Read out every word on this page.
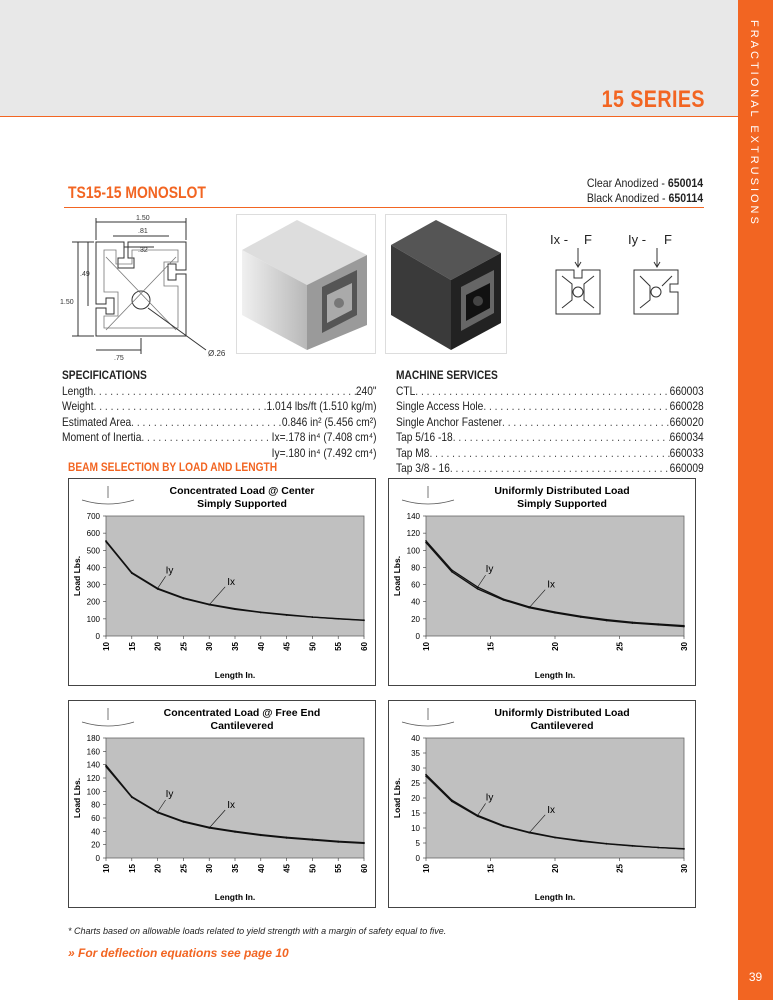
15 SERIES	FRACTIONAL EXTRUSIONS
39
TS15-15 MONOSLOT	Clear Anodized - 650014
Black Anodized - 650114
1.50
.81
.32
.49
1.50
.75
Ø.26
Ix - F	Iy - F
SPECIFICATIONS
Length . . .	240"
Weight . . .	1.014 lbs/ft (1.510 kg/m)
Estimated Area . . .	0.846 in² (5.456 cm²)
Moment of Inertia . . .	Ix=.178 in⁴ (7.408 cm⁴)
Iy=.180 in⁴ (7.492 cm⁴)
MACHINE SERVICES
CTL . . .	660003
Single Access Hole . . .	660028
Single Anchor Fastener . . .	660020
Tap 5/16 -18 . . .	660034
Tap M8 . . .	660033
Tap 3/8 - 16 . . .	660009
BEAM SELECTION BY LOAD AND LENGTH
Concentrated Load @ Center
Simply Supported
0
100
200
300
400
500
600
700
10 15 20 25 30 35 40 45 50 55 60
Length In.
Load Lbs.	Iy
Ix
Uniformly Distributed Load
Simply Supported
0
20
40
60
80
100
120
140
10	15	20	25	30
Length In.
Load Lbs.	Iy
Ix
Concentrated Load @ Free End
Cantilevered
0
20
40
60
80
100
120
140
160
180
10 15 20 25 30 35 40 45 50 55 60
Length In.
Load Lbs.	Iy
Ix
Uniformly Distributed Load
Cantilevered
0
5
10
15
20
25
30
35
40
10	15	20	25	30
Length In.
Load Lbs.	Iy
Ix
* Charts based on allowable loads related to yield strength with a margin of safety equal to five.
» For deflection equations see page 10
